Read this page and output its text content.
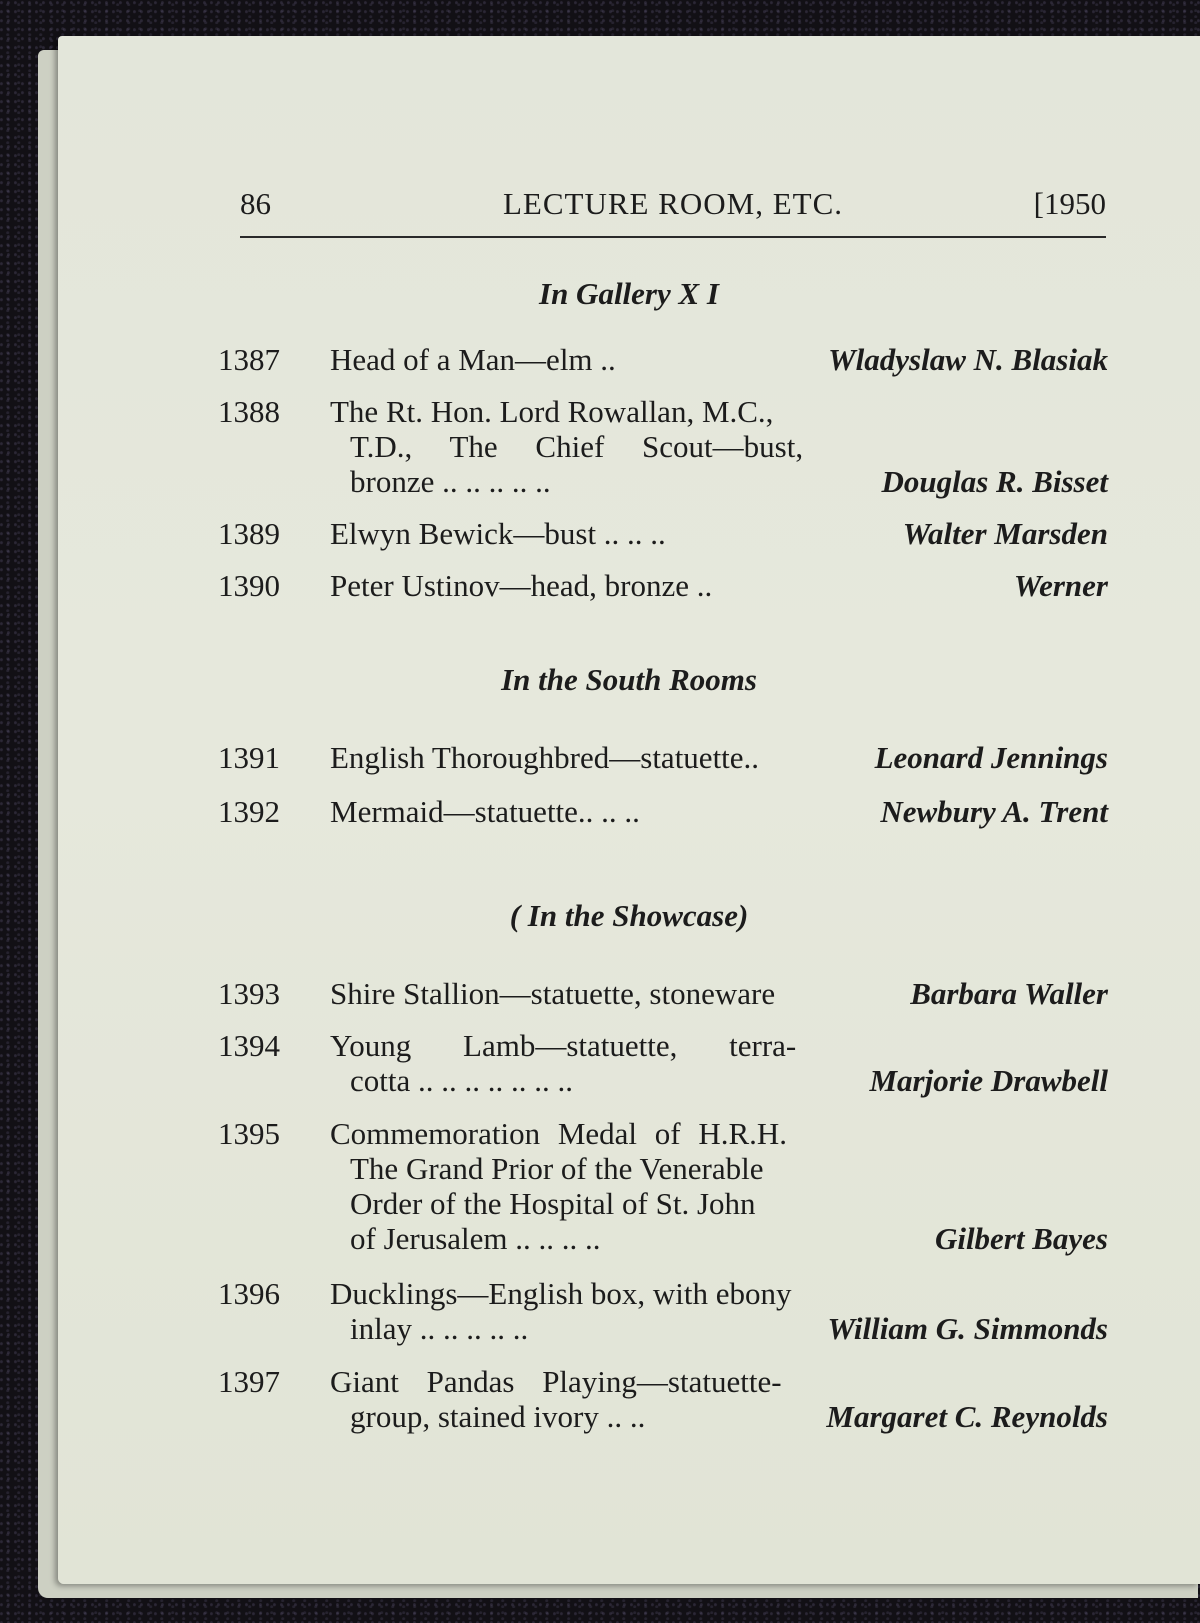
86	LECTURE ROOM, ETC.	[1950
In Gallery X I
1387	Head of a Man—elm ..	Wladyslaw N. Blasiak
1388	The Rt. Hon. Lord Rowallan, M.C.,
T.D., The Chief Scout—bust,
bronze .. .. .. .. ..	Douglas R. Bisset
1389	Elwyn Bewick—bust .. .. ..	Walter Marsden
1390	Peter Ustinov—head, bronze ..	Werner
In the South Rooms
1391	English Thoroughbred—statuette..	Leonard Jennings
1392	Mermaid—statuette.. .. ..	Newbury A. Trent
( In the Showcase)
1393	Shire Stallion—statuette, stoneware	Barbara Waller
1394	Young Lamb—statuette, terra-
cotta .. .. .. .. .. .. ..	Marjorie Drawbell
1395	Commemoration Medal of H.R.H.
The Grand Prior of the Venerable
Order of the Hospital of St. John
of Jerusalem .. .. .. ..	Gilbert Bayes
1396	Ducklings—English box, with ebony
inlay .. .. .. .. ..	William G. Simmonds
1397	Giant Pandas Playing—statuette-
group, stained ivory .. ..	Margaret C. Reynolds
